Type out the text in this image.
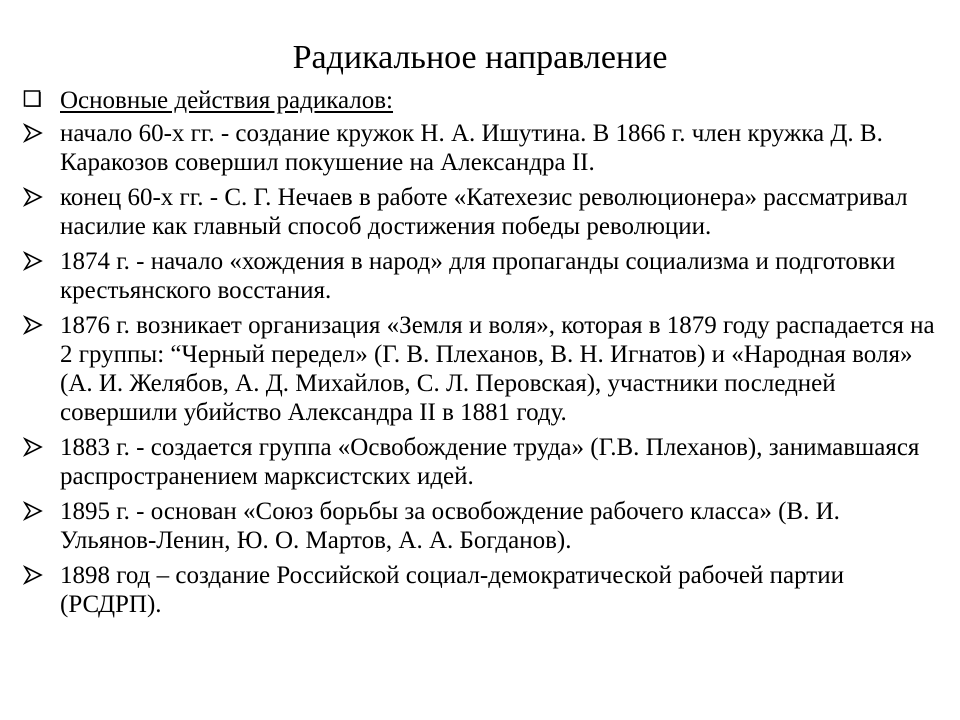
Радикальное направление
Основные действия радикалов:
начало 60-х гг. - создание кружок Н. А. Ишутина. В 1866 г. член кружка Д. В. Каракозов совершил покушение на Александра II.
конец 60-х гг. - С. Г. Нечаев в работе «Катехезис революционера» рассматривал насилие как главный способ достижения победы революции.
1874 г. - начало «хождения в народ» для пропаганды социализма и подготовки крестьянского восстания.
1876 г. возникает организация «Земля и воля», которая в 1879 году распадается на 2 группы: “Черный передел» (Г. В. Плеханов, В. Н. Игнатов) и «Народная воля» (А. И. Желябов, А. Д. Михайлов, С. Л. Перовская), участники последней совершили убийство Александра II в 1881 году.
1883 г. - создается группа «Освобождение труда» (Г.В. Плеханов), занимавшаяся распространением марксистских идей.
1895 г. - основан «Союз борьбы за освобождение рабочего класса» (В. И. Ульянов-Ленин, Ю. О. Мартов, А. А. Богданов).
1898 год – создание Российской социал-демократической рабочей партии (РСДРП).
